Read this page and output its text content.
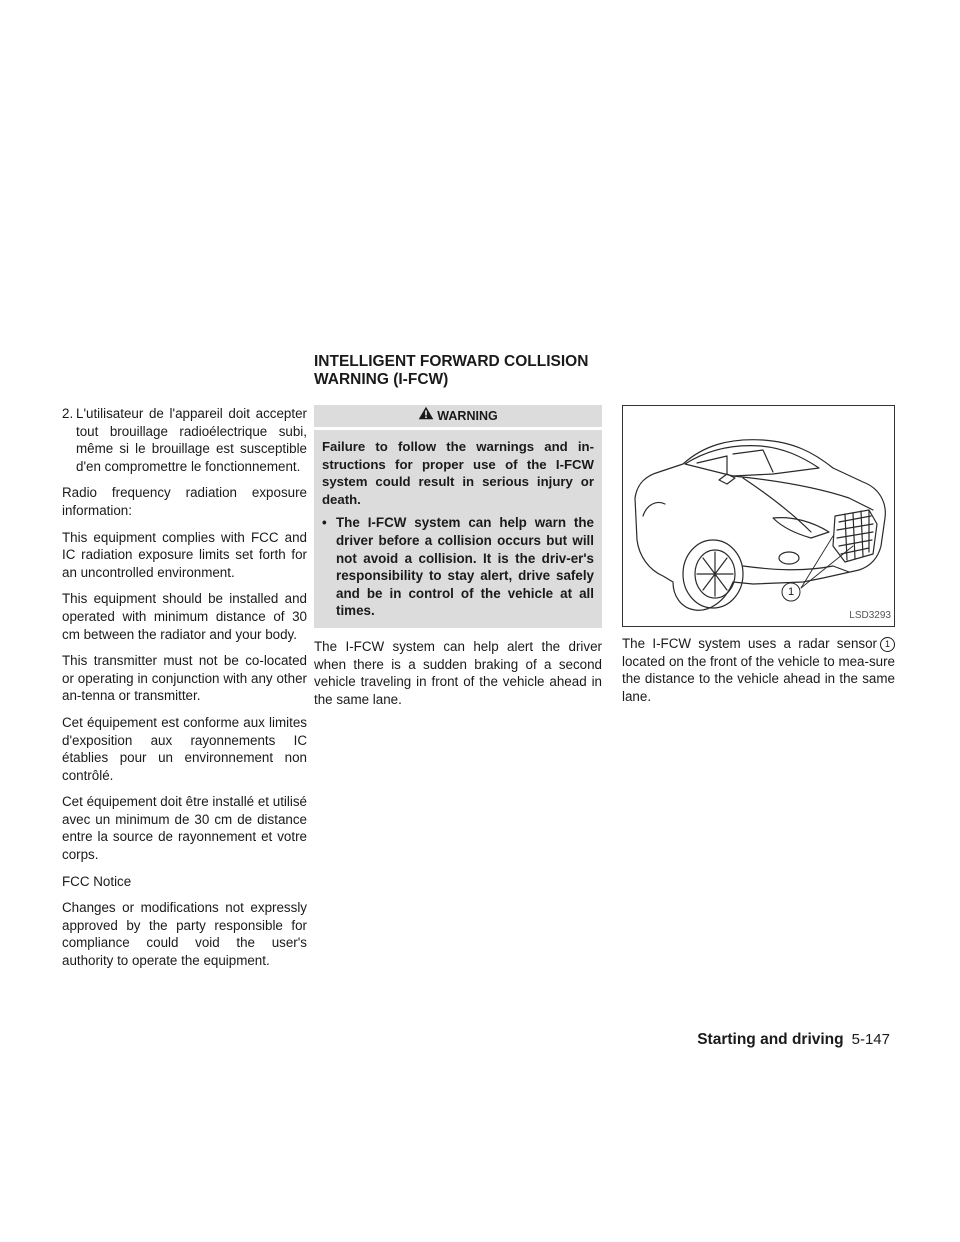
INTELLIGENT FORWARD COLLISION
WARNING (I-FCW)
2. L'utilisateur de l'appareil doit accepter tout brouillage radioélectrique subi, même si le brouillage est susceptible d'en compromettre le fonctionnement.

Radio frequency radiation exposure information:

This equipment complies with FCC and IC radiation exposure limits set forth for an uncontrolled environment.

This equipment should be installed and operated with minimum distance of 30 cm between the radiator and your body.

This transmitter must not be co-located or operating in conjunction with any other an-tenna or transmitter.

Cet équipement est conforme aux limites d'exposition aux rayonnements IC établies pour un environnement non contrôlé.

Cet équipement doit être installé et utilisé avec un minimum de 30 cm de distance entre la source de rayonnement et votre corps.

FCC Notice

Changes or modifications not expressly approved by the party responsible for compliance could void the user's authority to operate the equipment.

WARNING

Failure to follow the warnings and in-structions for proper use of the I-FCW system could result in serious injury or death.

• The I-FCW system can help warn the driver before a collision occurs but will not avoid a collision. It is the driv-er's responsibility to stay alert, drive safely and be in control of the vehicle at all times.

The I-FCW system can help alert the driver when there is a sudden braking of a second vehicle traveling in front of the vehicle ahead in the same lane.

1
LSD3293

The I-FCW system uses a radar sensor 1 located on the front of the vehicle to mea-sure the distance to the vehicle ahead in the same lane.

Starting and driving 5-147
